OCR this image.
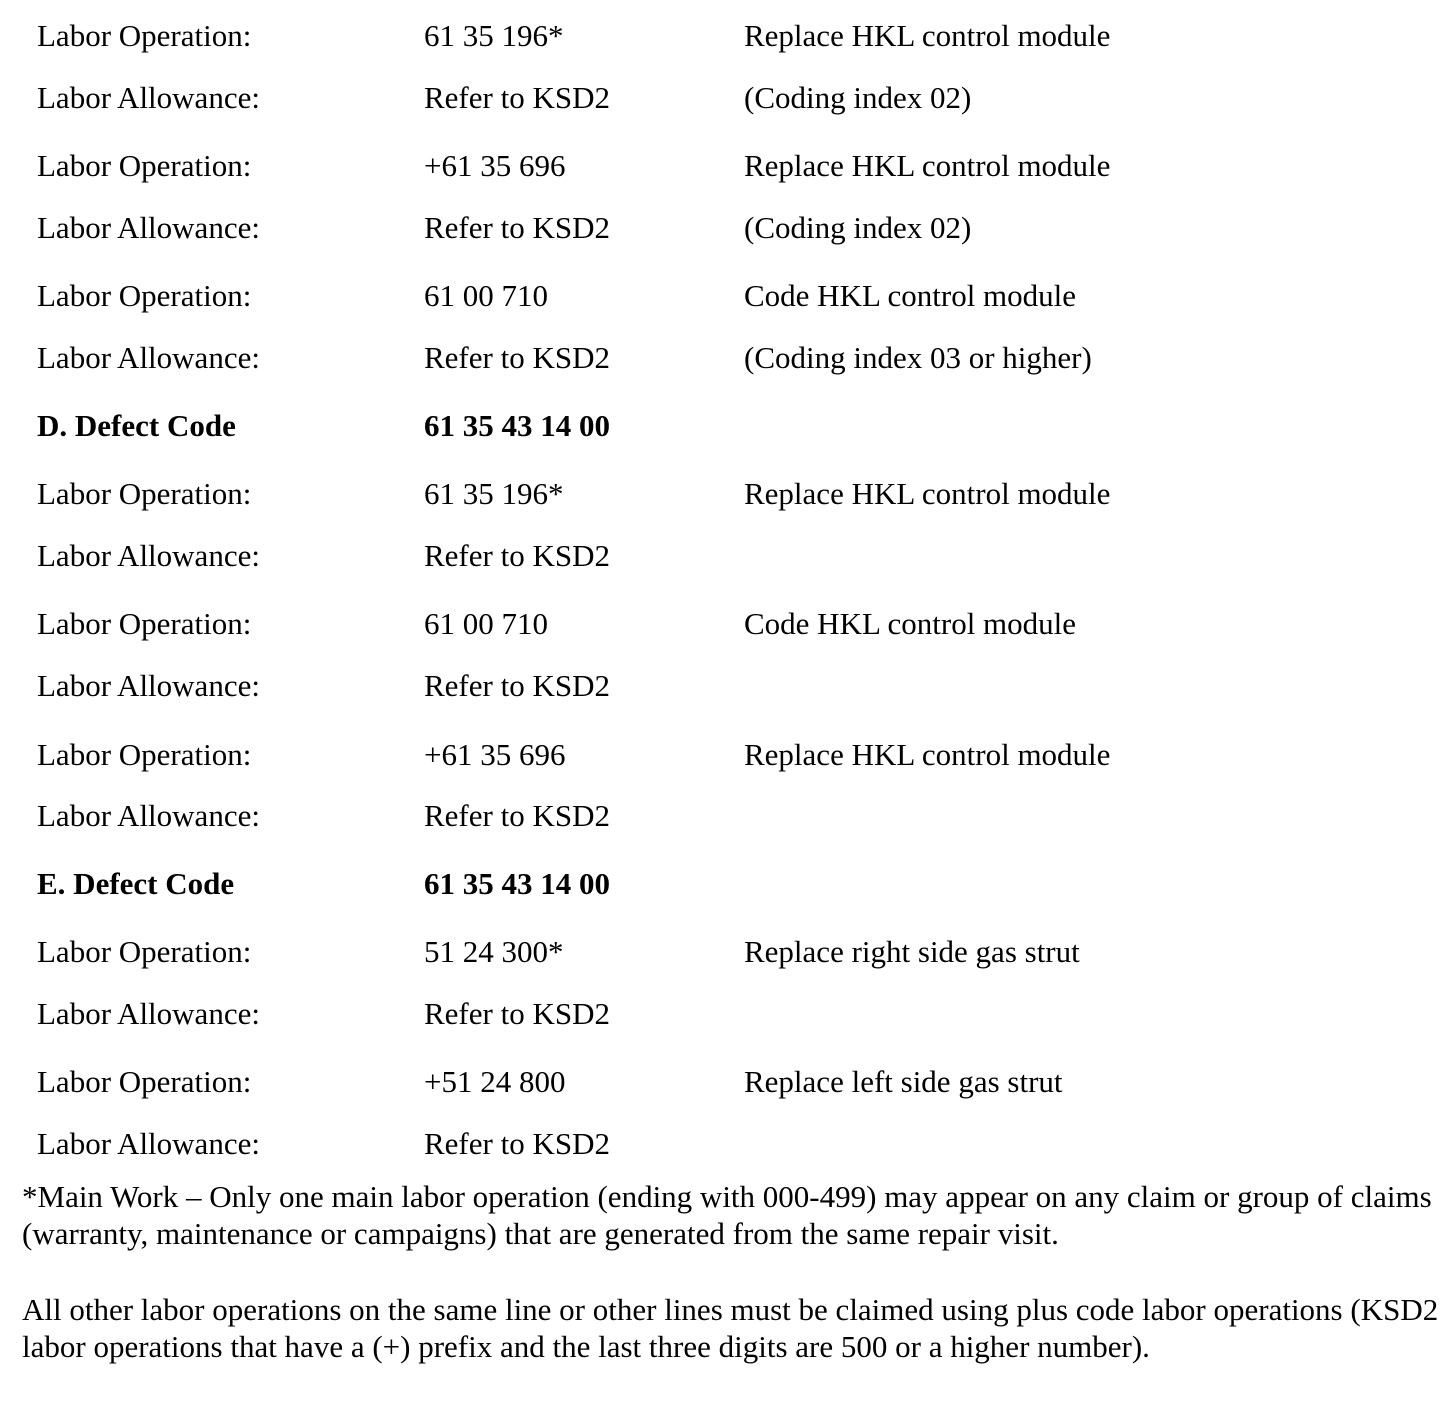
Labor Operation:	61 35 196*	Replace HKL control module
Labor Allowance:	Refer to KSD2	(Coding index 02)
Labor Operation:	+61 35 696	Replace HKL control module
Labor Allowance:	Refer to KSD2	(Coding index 02)
Labor Operation:	61 00 710	Code HKL control module
Labor Allowance:	Refer to KSD2	(Coding index 03 or higher)
D. Defect Code	61 35 43 14 00
Labor Operation:	61 35 196*	Replace HKL control module
Labor Allowance:	Refer to KSD2
Labor Operation:	61 00 710	Code HKL control module
Labor Allowance:	Refer to KSD2
Labor Operation:	+61 35 696	Replace HKL control module
Labor Allowance:	Refer to KSD2
E. Defect Code	61 35 43 14 00
Labor Operation:	51 24 300*	Replace right side gas strut
Labor Allowance:	Refer to KSD2
Labor Operation:	+51 24 800	Replace left side gas strut
Labor Allowance:	Refer to KSD2

*Main Work – Only one main labor operation (ending with 000-499) may appear on any claim or group of claims (warranty, maintenance or campaigns) that are generated from the same repair visit.

All other labor operations on the same line or other lines must be claimed using plus code labor operations (KSD2 labor operations that have a (+) prefix and the last three digits are 500 or a higher number).
